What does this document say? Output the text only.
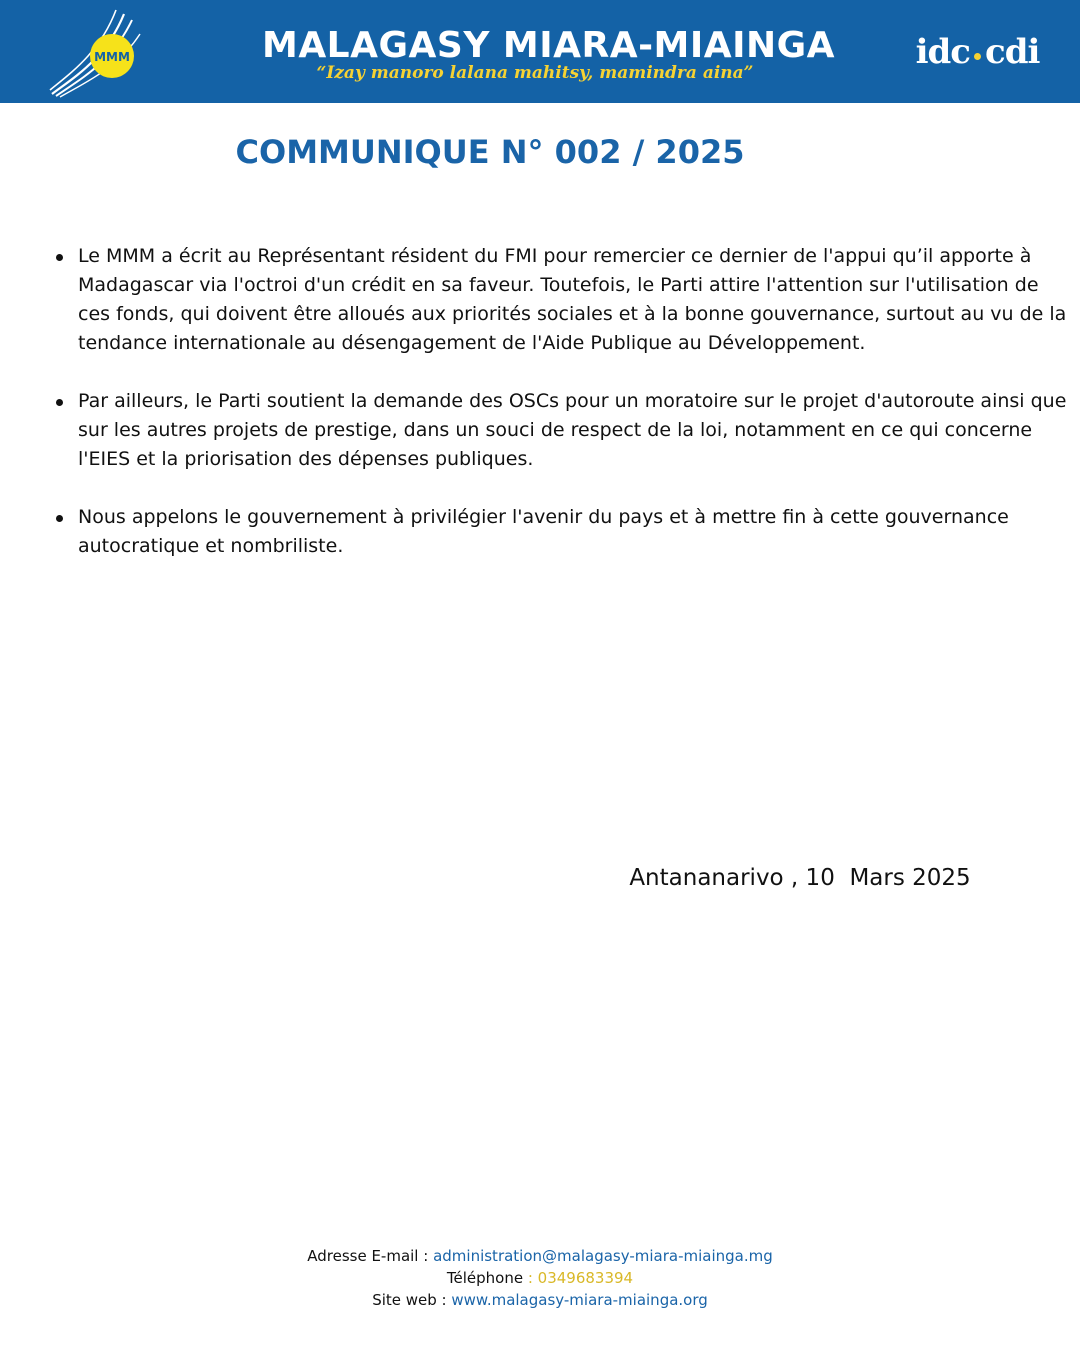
MMM	MALAGASY MIARA-MIAINGA
“Izay manoro lalana mahitsy, mamindra aina”
idc cdi
COMMUNIQUE N° 002 / 2025
Le MMM a écrit au Représentant résident du FMI pour remercier ce dernier de l'appui qu’il apporte à Madagascar via l'octroi d'un crédit en sa faveur. Toutefois, le Parti attire l'attention sur l'utilisation de ces fonds, qui doivent être alloués aux priorités sociales et à la bonne gouvernance, surtout au vu de la tendance internationale au désengagement de l'Aide Publique au Développement.
Par ailleurs, le Parti soutient la demande des OSCs pour un moratoire sur le projet d'autoroute ainsi que sur les autres projets de prestige, dans un souci de respect de la loi, notamment en ce qui concerne l'EIES et la priorisation des dépenses publiques.
Nous appelons le gouvernement à privilégier l'avenir du pays et à mettre fin à cette gouvernance autocratique et nombriliste.
Antananarivo , 10  Mars 2025
Adresse E-mail : administration@malagasy-miara-miainga.mg
Téléphone : 0349683394
Site web : www.malagasy-miara-miainga.org
